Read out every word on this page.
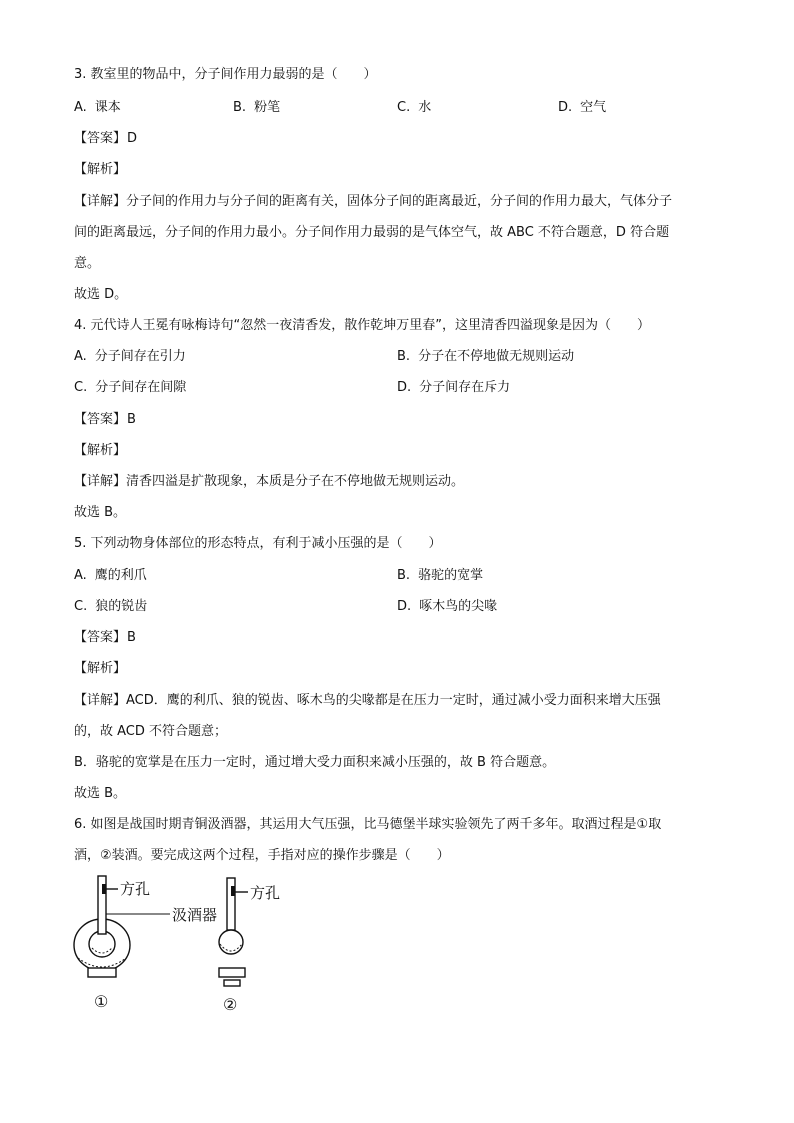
3. 教室里的物品中，分子间作用力最弱的是（　　）
A. 课本	B. 粉笔	C. 水	D. 空气
【答案】D
【解析】
【详解】分子间的作用力与分子间的距离有关，固体分子间的距离最近，分子间的作用力最大，气体分子
间的距离最远，分子间的作用力最小。分子间作用力最弱的是气体空气，故 ABC 不符合题意，D 符合题
意。
故选 D。
4. 元代诗人王冕有咏梅诗句“忽然一夜清香发，散作乾坤万里春”，这里清香四溢现象是因为（　　）
A. 分子间存在引力	B. 分子在不停地做无规则运动
C. 分子间存在间隙	D. 分子间存在斥力
【答案】B
【解析】
【详解】清香四溢是扩散现象，本质是分子在不停地做无规则运动。
故选 B。
5. 下列动物身体部位的形态特点，有利于减小压强的是（　　）
A. 鹰的利爪	B. 骆驼的宽掌
C. 狼的锐齿	D. 啄木鸟的尖喙
【答案】B
【解析】
【详解】ACD．鹰的利爪、狼的锐齿、啄木鸟的尖喙都是在压力一定时，通过减小受力面积来增大压强
的，故 ACD 不符合题意；
B．骆驼的宽掌是在压力一定时，通过增大受力面积来减小压强的，故 B 符合题意。
故选 B。
6. 如图是战国时期青铜汲酒器，其运用大气压强，比马德堡半球实验领先了两千多年。取酒过程是①取
酒，②装酒。要完成这两个过程，手指对应的操作步骤是（　　）
方孔
汲酒器
方孔
①	②
